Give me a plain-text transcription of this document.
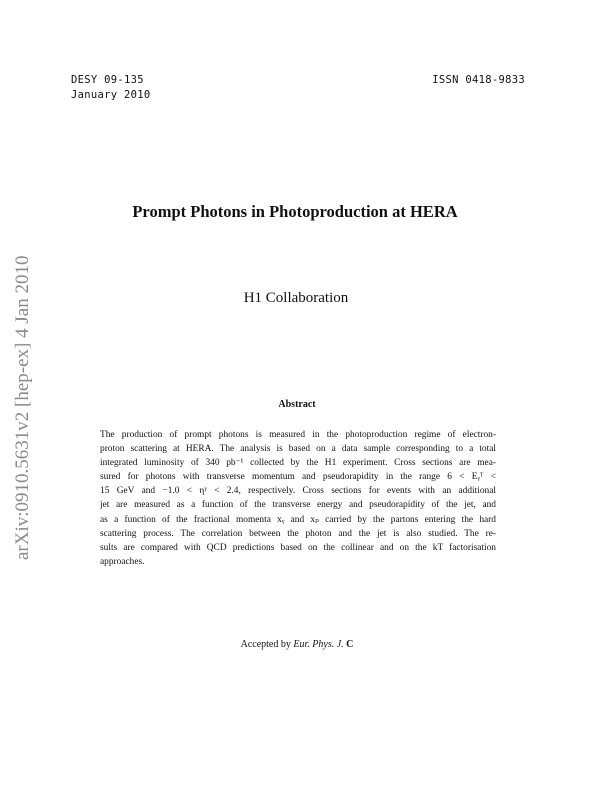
DESY 09-135
January 2010
ISSN 0418-9833
arXiv:0910.5631v2 [hep-ex] 4 Jan 2010
Prompt Photons in Photoproduction at HERA
H1 Collaboration
Abstract
The production of prompt photons is measured in the photoproduction regime of electron-
proton scattering at HERA. The analysis is based on a data sample corresponding to a total
integrated luminosity of 340 pb⁻¹ collected by the H1 experiment. Cross sections are mea-
sured for photons with transverse momentum and pseudorapidity in the range 6 < Eᵧᵀ <
15 GeV and −1.0 < ηᵞ < 2.4, respectively. Cross sections for events with an additional
jet are measured as a function of the transverse energy and pseudorapidity of the jet, and
as a function of the fractional momenta xᵧ and xₚ carried by the partons entering the hard
scattering process. The correlation between the photon and the jet is also studied. The re-
sults are compared with QCD predictions based on the collinear and on the kT factorisation
approaches.
Accepted by Eur. Phys. J. C
